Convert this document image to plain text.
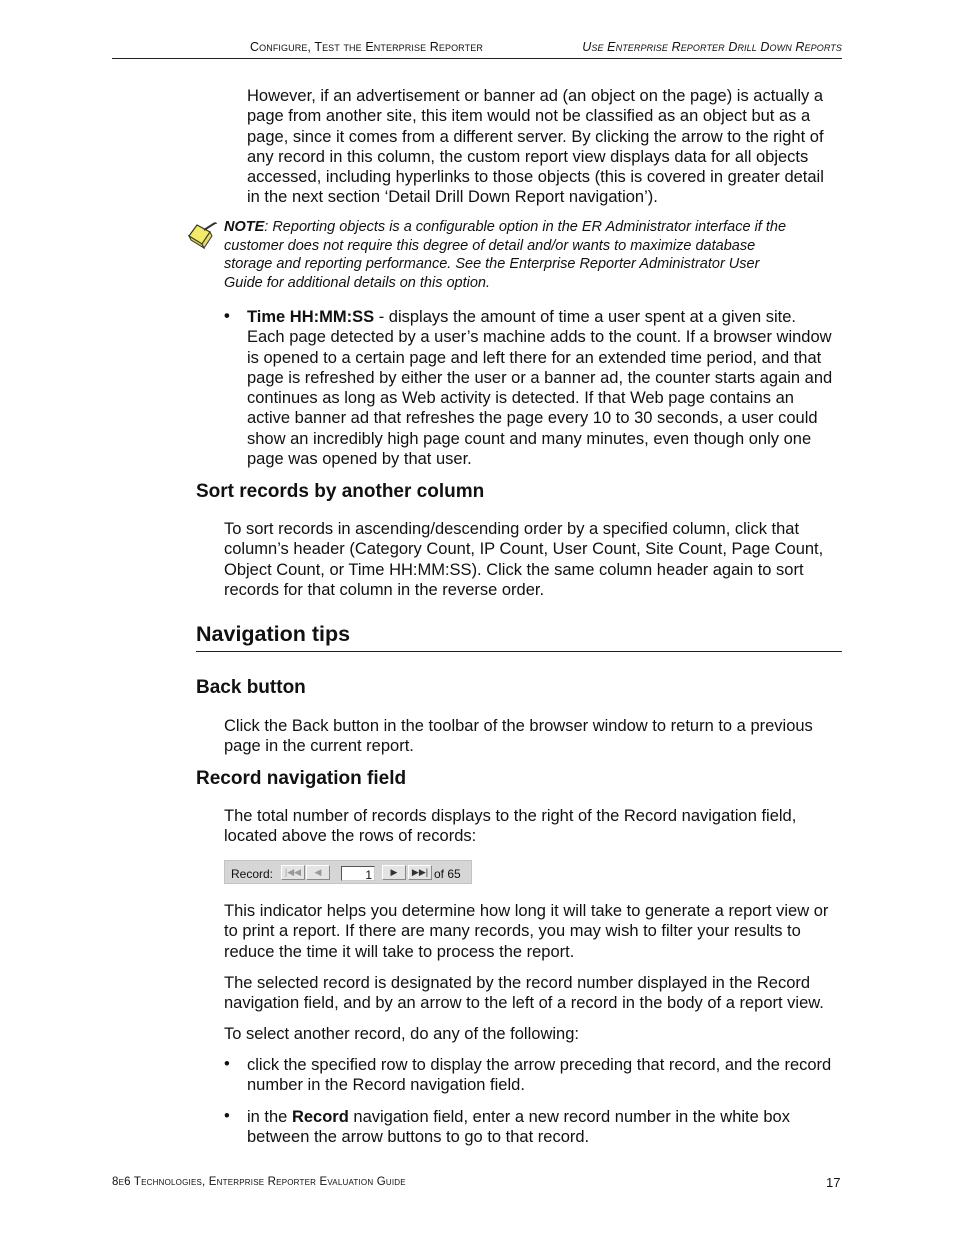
Configure, Test the Enterprise Reporter	Use Enterprise Reporter Drill Down Reports
However, if an advertisement or banner ad (an object on the page) is actually a
page from another site, this item would not be classified as an object but as a
page, since it comes from a different server. By clicking the arrow to the right of
any record in this column, the custom report view displays data for all objects
accessed, including hyperlinks to those objects (this is covered in greater detail
in the next section ‘Detail Drill Down Report navigation’).
NOTE: Reporting objects is a configurable option in the ER Administrator interface if the
customer does not require this degree of detail and/or wants to maximize database
storage and reporting performance. See the Enterprise Reporter Administrator User
Guide for additional details on this option.
• Time HH:MM:SS - displays the amount of time a user spent at a given site.
Each page detected by a user’s machine adds to the count. If a browser window
is opened to a certain page and left there for an extended time period, and that
page is refreshed by either the user or a banner ad, the counter starts again and
continues as long as Web activity is detected. If that Web page contains an
active banner ad that refreshes the page every 10 to 30 seconds, a user could
show an incredibly high page count and many minutes, even though only one
page was opened by that user.
Sort records by another column
To sort records in ascending/descending order by a specified column, click that
column’s header (Category Count, IP Count, User Count, Site Count, Page Count,
Object Count, or Time HH:MM:SS). Click the same column header again to sort
records for that column in the reverse order.
Navigation tips
Back button
Click the Back button in the toolbar of the browser window to return to a previous
page in the current report.
Record navigation field
The total number of records displays to the right of the Record navigation field,
located above the rows of records:
Record:	|◀◀	◀	1	▶	▶▶| of 65
This indicator helps you determine how long it will take to generate a report view or
to print a report. If there are many records, you may wish to filter your results to
reduce the time it will take to process the report.
The selected record is designated by the record number displayed in the Record
navigation field, and by an arrow to the left of a record in the body of a report view.
To select another record, do any of the following:
• click the specified row to display the arrow preceding that record, and the record
number in the Record navigation field.
• in the Record navigation field, enter a new record number in the white box
between the arrow buttons to go to that record.
8e6 Technologies, Enterprise Reporter Evaluation Guide	17
